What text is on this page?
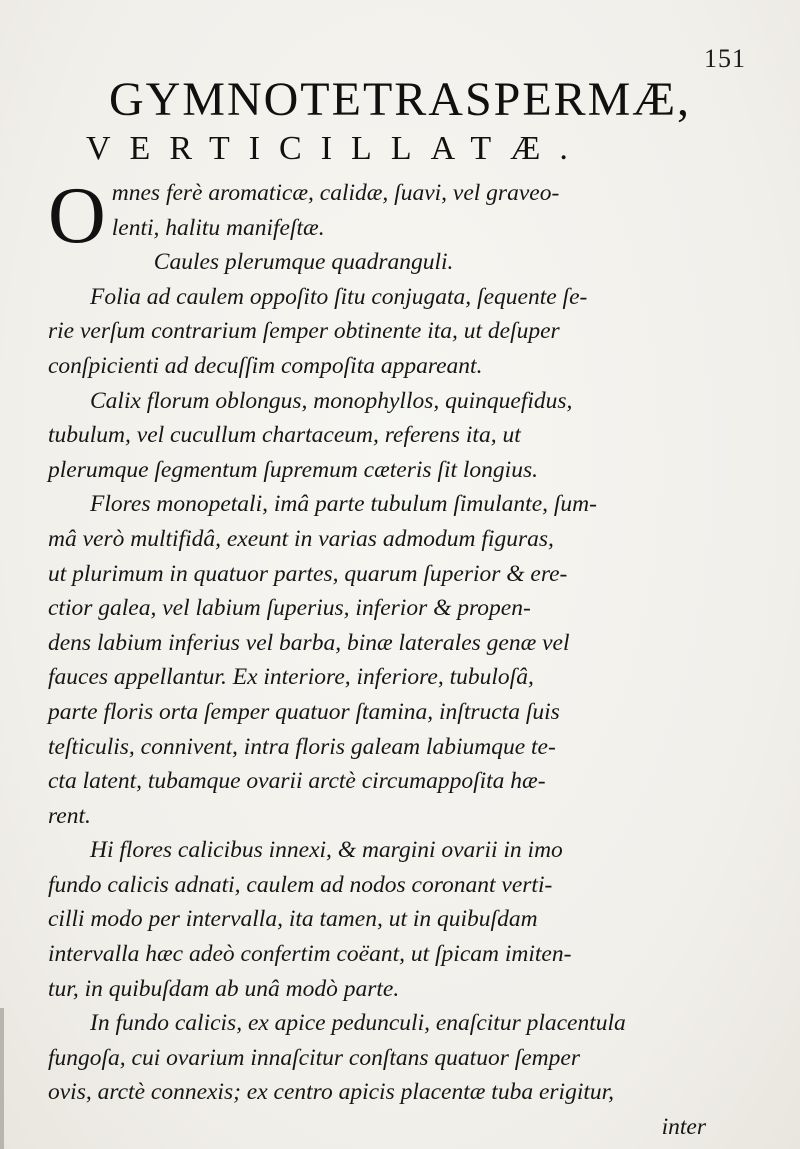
151
GYMNOTETRASPERMÆ,
VERTICILLATÆ.

O mnes ferè aromaticæ, calidæ, ſuavi, vel graveo-
lenti, halitu manifeſtæ.

Caules plerumque quadranguli.

Folia ad caulem oppoſito ſitu conjugata, ſequente ſe-
rie verſum contrarium ſemper obtinente ita, ut deſuper
conſpicienti ad decuſſim compoſita appareant.

Calix florum oblongus, monophyllos, quinquefidus,
tubulum, vel cucullum chartaceum, referens ita, ut
plerumque ſegmentum ſupremum cæteris ſit longius.

Flores monopetali, imâ parte tubulum ſimulante, ſum-
mâ verò multifidâ, exeunt in varias admodum figuras,
ut plurimum in quatuor partes, quarum ſuperior & ere-
ctior galea, vel labium ſuperius, inferior & propen-
dens labium inferius vel barba, binæ laterales genæ vel
fauces appellantur. Ex interiore, inferiore, tubuloſâ,
parte floris orta ſemper quatuor ſtamina, inſtructa ſuis
teſticulis, connivent, intra floris galeam labiumque te-
cta latent, tubamque ovarii arctè circumappoſita hæ-
rent.

Hi flores calicibus innexi, & margini ovarii in imo
fundo calicis adnati, caulem ad nodos coronant verti-
cilli modo per intervalla, ita tamen, ut in quibuſdam
intervalla hæc adeò confertim coëant, ut ſpicam imiten-
tur, in quibuſdam ab unâ modò parte.

In fundo calicis, ex apice pedunculi, enaſcitur placentula
fungoſa, cui ovarium innaſcitur conſtans quatuor ſemper
ovis, arctè connexis; ex centro apicis placentæ tuba erigitur,

inter
